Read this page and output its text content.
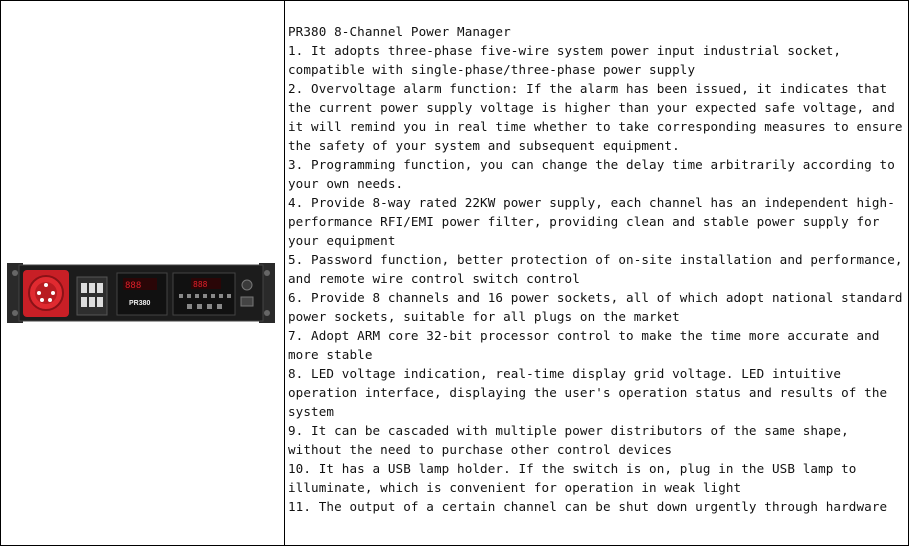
888
PR380
888

PR380 8-Channel Power Manager

1. It adopts three-phase five-wire system power input industrial socket, compatible with single-phase/three-phase power supply

2. Overvoltage alarm function: If the alarm has been issued, it indicates that the current power supply voltage is higher than your expected safe voltage, and it will remind you in real time whether to take corresponding measures to ensure the safety of your system and subsequent equipment.

3. Programming function, you can change the delay time arbitrarily according to your own needs.

4. Provide 8-way rated 22KW power supply, each channel has an independent high-performance RFI/EMI power filter, providing clean and stable power supply for your equipment

5. Password function, better protection of on-site installation and performance, and remote wire control switch control

6. Provide 8 channels and 16 power sockets, all of which adopt national standard power sockets, suitable for all plugs on the market

7. Adopt ARM core 32-bit processor control to make the time more accurate and more stable

8. LED voltage indication, real-time display grid voltage. LED intuitive operation interface, displaying the user's operation status and results of the system

9. It can be cascaded with multiple power distributors of the same shape, without the need to purchase other control devices

10. It has a USB lamp holder. If the switch is on, plug in the USB lamp to illuminate, which is convenient for operation in weak light

11. The output of a certain channel can be shut down urgently through hardware
